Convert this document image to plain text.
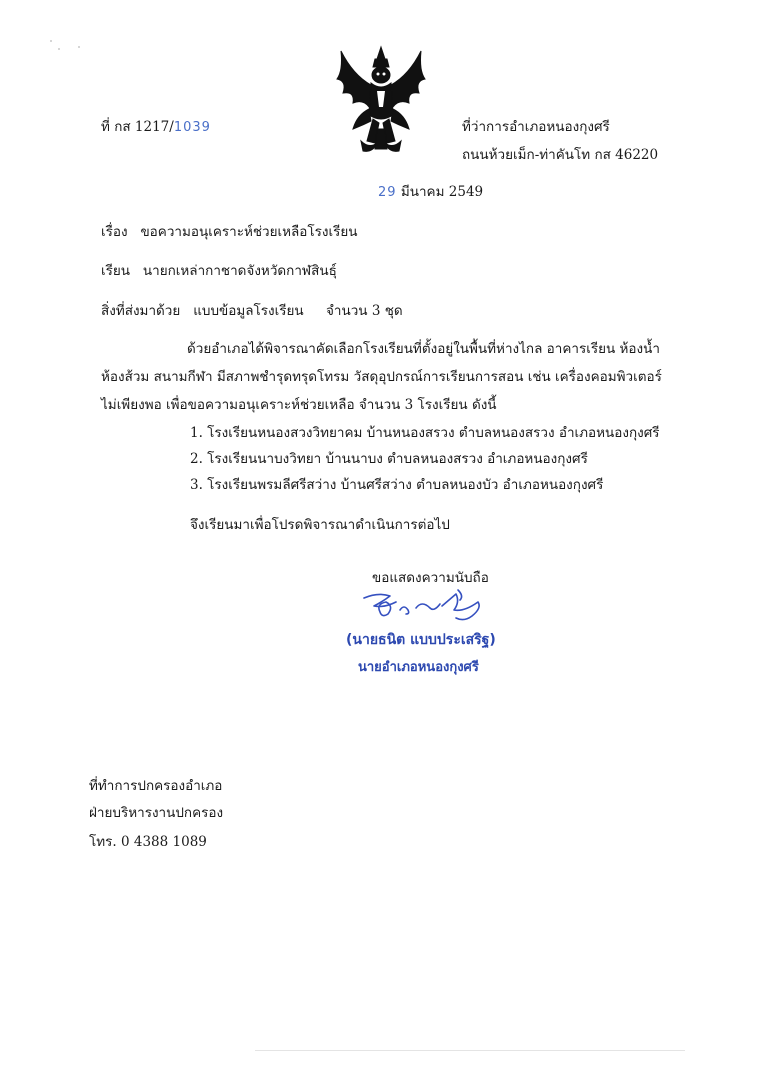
ที่ กส 1217/1039	ที่ว่าการอำเภอหนองกุงศรี
ถนนห้วยเม็ก-ท่าคันโท กส 46220
29 มีนาคม 2549
เรื่อง ขอความอนุเคราะห์ช่วยเหลือโรงเรียน
เรียน นายกเหล่ากาชาดจังหวัดกาฬสินธุ์
สิ่งที่ส่งมาด้วย แบบข้อมูลโรงเรียน จำนวน 3 ชุด
ด้วยอำเภอได้พิจารณาคัดเลือกโรงเรียนที่ตั้งอยู่ในพื้นที่ห่างไกล อาคารเรียน ห้องน้ำ
ห้องส้วม สนามกีฬา มีสภาพชำรุดทรุดโทรม วัสดุอุปกรณ์การเรียนการสอน เช่น เครื่องคอมพิวเตอร์
ไม่เพียงพอ เพื่อขอความอนุเคราะห์ช่วยเหลือ จำนวน 3 โรงเรียน ดังนี้
1. โรงเรียนหนองสวงวิทยาคม บ้านหนองสรวง ตำบลหนองสรวง อำเภอหนองกุงศรี
2. โรงเรียนนาบงวิทยา บ้านนาบง ตำบลหนองสรวง อำเภอหนองกุงศรี
3. โรงเรียนพรมลีศรีสว่าง บ้านศรีสว่าง ตำบลหนองบัว อำเภอหนองกุงศรี
จึงเรียนมาเพื่อโปรดพิจารณาดำเนินการต่อไป
ขอแสดงความนับถือ
(นายธนิต แบบประเสริฐ)
นายอำเภอหนองกุงศรี
ที่ทำการปกครองอำเภอ
ฝ่ายบริหารงานปกครอง
โทร. 0 4388 1089
